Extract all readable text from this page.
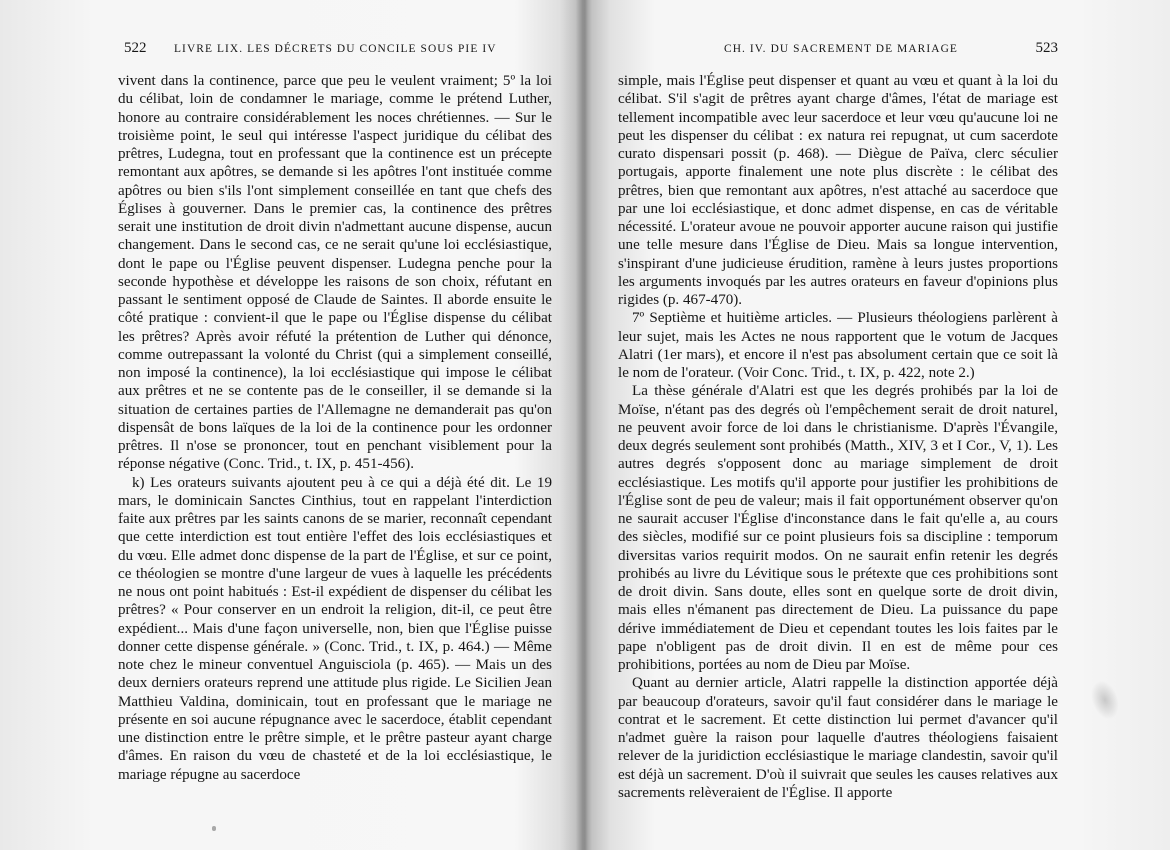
522 LIVRE LIX. LES DÉCRETS DU CONCILE SOUS PIE IV

vivent dans la continence, parce que peu le veulent vraiment; 5º la loi du célibat, loin de condamner le mariage, comme le prétend Luther, honore au contraire considérablement les noces chrétiennes. — Sur le troisième point, le seul qui intéresse l'aspect juridique du célibat des prêtres, Ludegna, tout en professant que la continence est un précepte remontant aux apôtres, se demande si les apôtres l'ont instituée comme apôtres ou bien s'ils l'ont simplement conseillée en tant que chefs des Églises à gouverner. Dans le premier cas, la continence des prêtres serait une institution de droit divin n'admettant aucune dispense, aucun changement. Dans le second cas, ce ne serait qu'une loi ecclésiastique, dont le pape ou l'Église peuvent dispenser. Ludegna penche pour la seconde hypothèse et développe les raisons de son choix, réfutant en passant le sentiment opposé de Claude de Saintes. Il aborde ensuite le côté pratique : convient-il que le pape ou l'Église dispense du célibat les prêtres? Après avoir réfuté la prétention de Luther qui dénonce, comme outrepassant la volonté du Christ (qui a simplement conseillé, non imposé la continence), la loi ecclésiastique qui impose le célibat aux prêtres et ne se contente pas de le conseiller, il se demande si la situation de certaines parties de l'Allemagne ne demanderait pas qu'on dispensât de bons laïques de la loi de la continence pour les ordonner prêtres. Il n'ose se prononcer, tout en penchant visiblement pour la réponse négative (Conc. Trid., t. IX, p. 451-456).

k) Les orateurs suivants ajoutent peu à ce qui a déjà été dit. Le 19 mars, le dominicain Sanctes Cinthius, tout en rappelant l'interdiction faite aux prêtres par les saints canons de se marier, reconnaît cependant que cette interdiction est tout entière l'effet des lois ecclésiastiques et du vœu. Elle admet donc dispense de la part de l'Église, et sur ce point, ce théologien se montre d'une largeur de vues à laquelle les précédents ne nous ont point habitués : Est-il expédient de dispenser du célibat les prêtres? « Pour conserver en un endroit la religion, dit-il, ce peut être expédient... Mais d'une façon universelle, non, bien que l'Église puisse donner cette dispense générale. » (Conc. Trid., t. IX, p. 464.) — Même note chez le mineur conventuel Anguisciola (p. 465). — Mais un des deux derniers orateurs reprend une attitude plus rigide. Le Sicilien Jean Matthieu Valdina, dominicain, tout en professant que le mariage ne présente en soi aucune répugnance avec le sacerdoce, établit cependant une distinction entre le prêtre simple, et le prêtre pasteur ayant charge d'âmes. En raison du vœu de chasteté et de la loi ecclésiastique, le mariage répugne au sacerdoce

CH. IV. DU SACREMENT DE MARIAGE	523

simple, mais l'Église peut dispenser et quant au vœu et quant à la loi du célibat. S'il s'agit de prêtres ayant charge d'âmes, l'état de mariage est tellement incompatible avec leur sacerdoce et leur vœu qu'aucune loi ne peut les dispenser du célibat : ex natura rei repugnat, ut cum sacerdote curato dispensari possit (p. 468). — Diègue de Païva, clerc séculier portugais, apporte finalement une note plus discrète : le célibat des prêtres, bien que remontant aux apôtres, n'est attaché au sacerdoce que par une loi ecclésiastique, et donc admet dispense, en cas de véritable nécessité. L'orateur avoue ne pouvoir apporter aucune raison qui justifie une telle mesure dans l'Église de Dieu. Mais sa longue intervention, s'inspirant d'une judicieuse érudition, ramène à leurs justes proportions les arguments invoqués par les autres orateurs en faveur d'opinions plus rigides (p. 467-470).

7º Septième et huitième articles. — Plusieurs théologiens parlèrent à leur sujet, mais les Actes ne nous rapportent que le votum de Jacques Alatri (1er mars), et encore il n'est pas absolument certain que ce soit là le nom de l'orateur. (Voir Conc. Trid., t. IX, p. 422, note 2.)

La thèse générale d'Alatri est que les degrés prohibés par la loi de Moïse, n'étant pas des degrés où l'empêchement serait de droit naturel, ne peuvent avoir force de loi dans le christianisme. D'après l'Évangile, deux degrés seulement sont prohibés (Matth., XIV, 3 et I Cor., V, 1). Les autres degrés s'opposent donc au mariage simplement de droit ecclésiastique. Les motifs qu'il apporte pour justifier les prohibitions de l'Église sont de peu de valeur; mais il fait opportunément observer qu'on ne saurait accuser l'Église d'inconstance dans le fait qu'elle a, au cours des siècles, modifié sur ce point plusieurs fois sa discipline : temporum diversitas varios requirit modos. On ne saurait enfin retenir les degrés prohibés au livre du Lévitique sous le prétexte que ces prohibitions sont de droit divin. Sans doute, elles sont en quelque sorte de droit divin, mais elles n'émanent pas directement de Dieu. La puissance du pape dérive immédiatement de Dieu et cependant toutes les lois faites par le pape n'obligent pas de droit divin. Il en est de même pour ces prohibitions, portées au nom de Dieu par Moïse.

Quant au dernier article, Alatri rappelle la distinction apportée déjà par beaucoup d'orateurs, savoir qu'il faut considérer dans le mariage le contrat et le sacrement. Et cette distinction lui permet d'avancer qu'il n'admet guère la raison pour laquelle d'autres théologiens faisaient relever de la juridiction ecclésiastique le mariage clandestin, savoir qu'il est déjà un sacrement. D'où il suivrait que seules les causes relatives aux sacrements relèveraient de l'Église. Il apporte
